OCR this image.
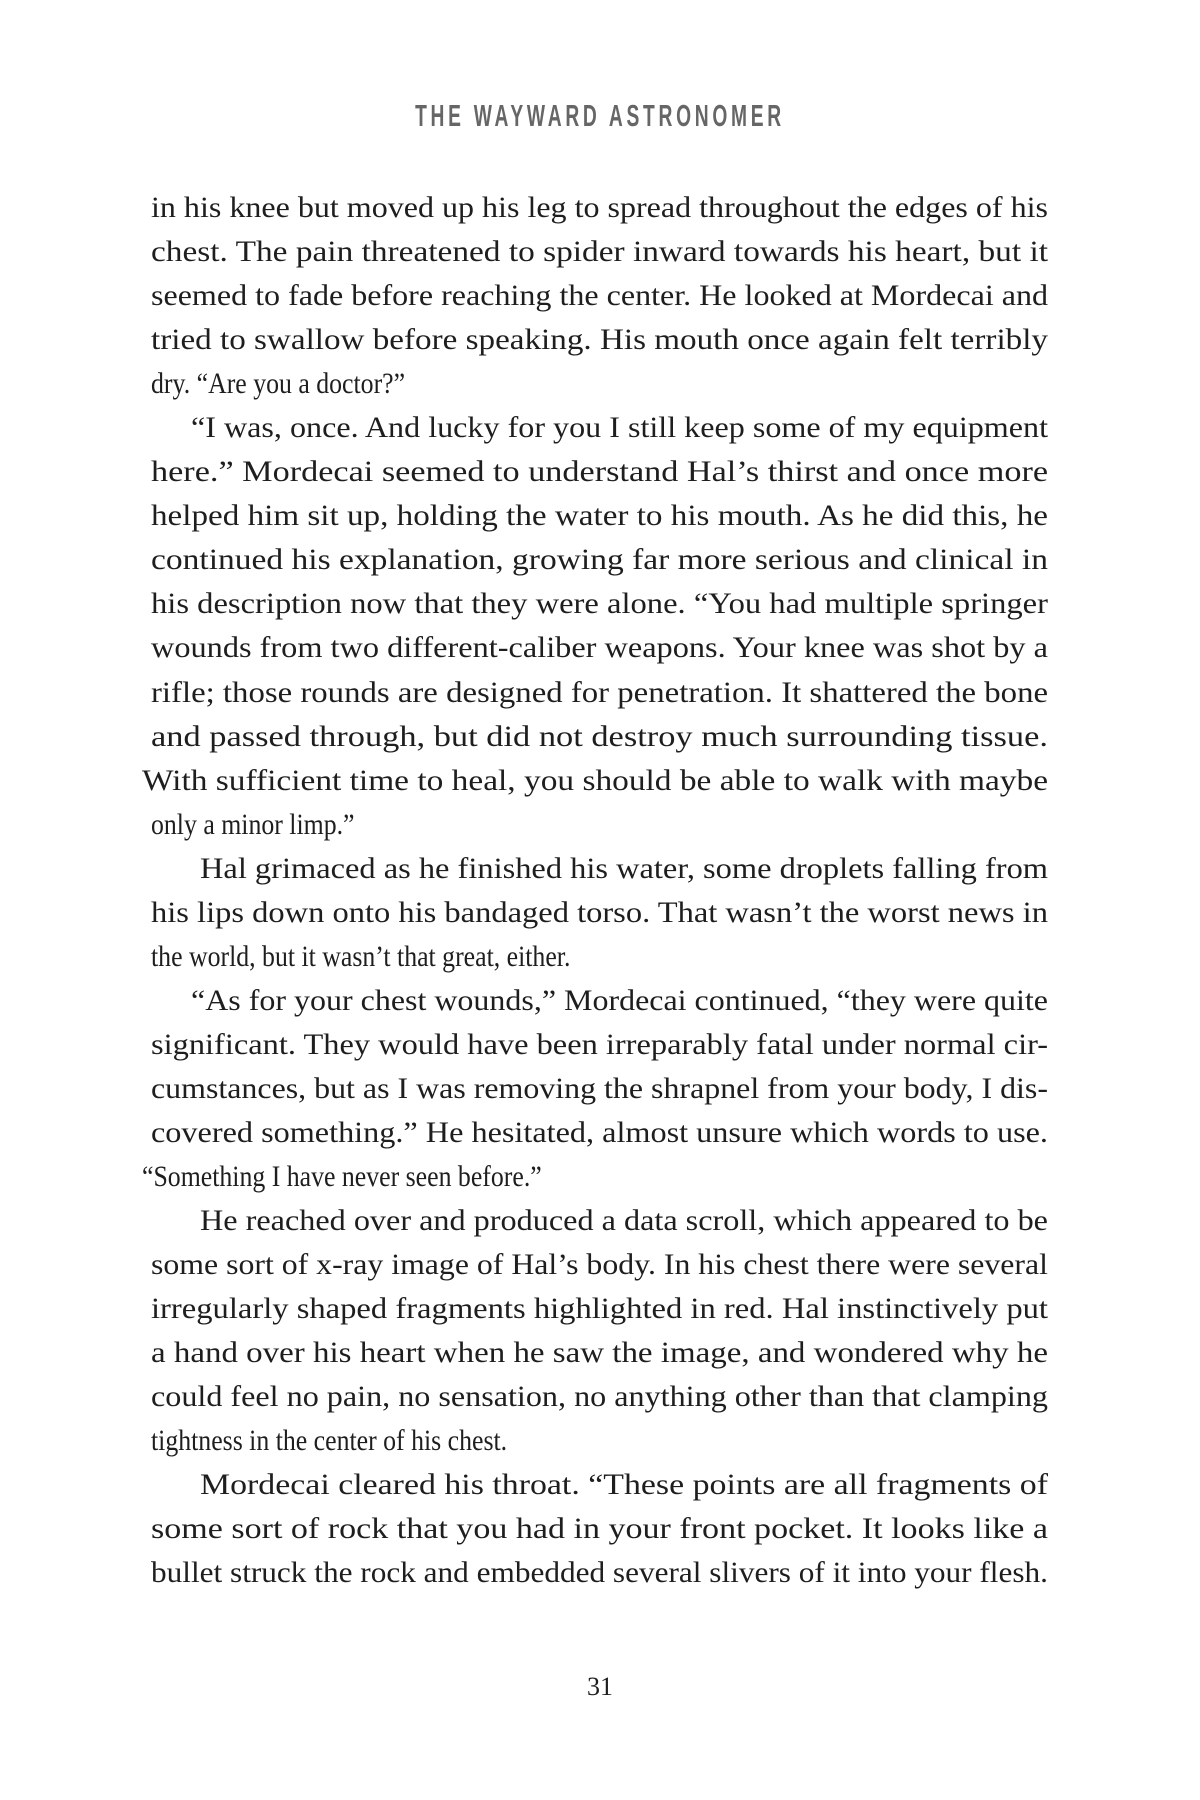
THE WAYWARD ASTRONOMER
in his knee but moved up his leg to spread throughout the edges of his
chest. The pain threatened to spider inward towards his heart, but it
seemed to fade before reaching the center. He looked at Mordecai and
tried to swallow before speaking. His mouth once again felt terribly
dry. “Are you a doctor?”
“I was, once. And lucky for you I still keep some of my equipment
here.” Mordecai seemed to understand Hal’s thirst and once more
helped him sit up, holding the water to his mouth. As he did this, he
continued his explanation, growing far more serious and clinical in
his description now that they were alone. “You had multiple springer
wounds from two different-caliber weapons. Your knee was shot by a
rifle; those rounds are designed for penetration. It shattered the bone
and passed through, but did not destroy much surrounding tissue.
With sufficient time to heal, you should be able to walk with maybe
only a minor limp.”
Hal grimaced as he finished his water, some droplets falling from
his lips down onto his bandaged torso. That wasn’t the worst news in
the world, but it wasn’t that great, either.
“As for your chest wounds,” Mordecai continued, “they were quite
significant. They would have been irreparably fatal under normal cir-
cumstances, but as I was removing the shrapnel from your body, I dis-
covered something.” He hesitated, almost unsure which words to use.
“Something I have never seen before.”
He reached over and produced a data scroll, which appeared to be
some sort of x-ray image of Hal’s body. In his chest there were several
irregularly shaped fragments highlighted in red. Hal instinctively put
a hand over his heart when he saw the image, and wondered why he
could feel no pain, no sensation, no anything other than that clamping
tightness in the center of his chest.
Mordecai cleared his throat. “These points are all fragments of
some sort of rock that you had in your front pocket. It looks like a
bullet struck the rock and embedded several slivers of it into your flesh.
31
